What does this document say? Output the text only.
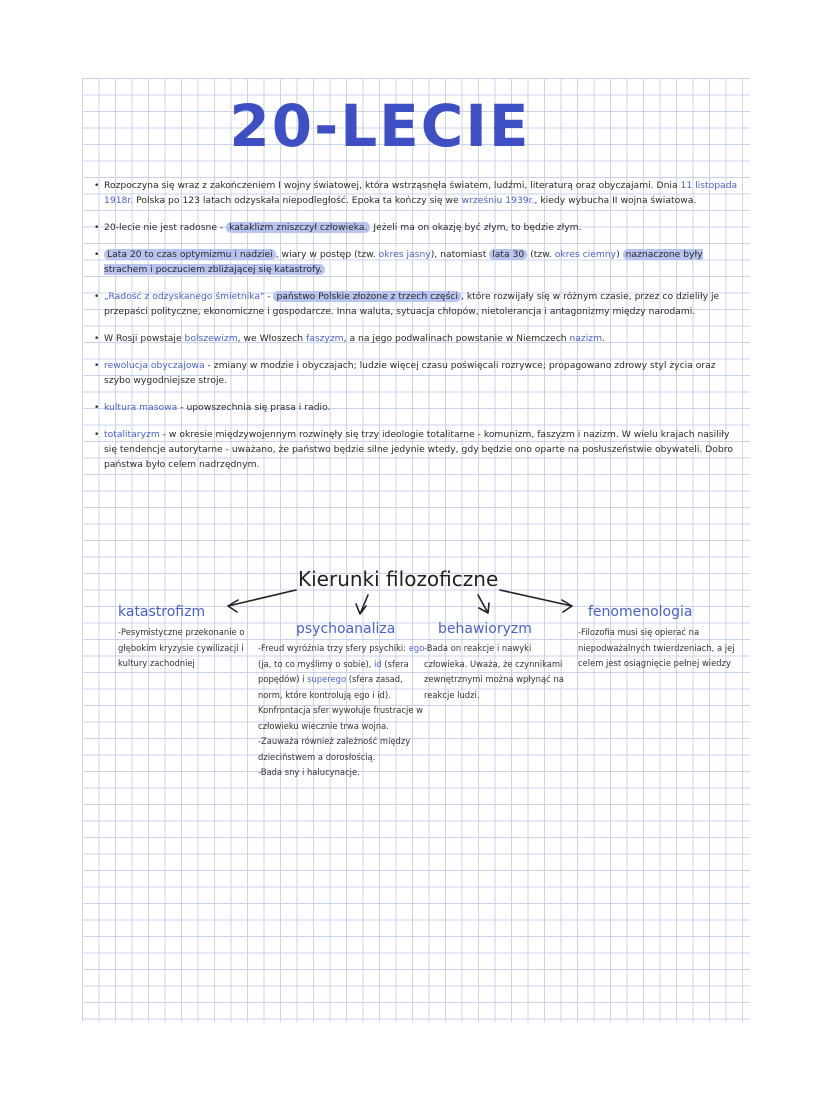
20-LECIE
• Rozpoczyna się wraz z zakończeniem I wojny światowej, która wstrząsnęła światem, ludźmi, literaturą oraz obyczajami. Dnia 11 listopada 1918r. Polska po 123 latach odzyskała niepodległość. Epoka ta kończy się we wrześniu 1939r., kiedy wybucha II wojna światowa.
• 20-lecie nie jest radosne - kataklizm zniszczył człowieka. Jeżeli ma on okazję być złym, to będzie złym.
• Lata 20 to czas optymizmu i nadziei , wiary w postęp (tzw. okres jasny), natomiast lata 30 (tzw. okres ciemny) naznaczone były strachem i poczuciem zbliżającej się katastrofy.
• „Radość z odzyskanego śmietnika" - państwo Polskie złożone z trzech części , które rozwijały się w różnym czasie, przez co dzieliły je przepaści polityczne, ekonomiczne i gospodarcze. Inna waluta, sytuacja chłopów, nietolerancja i antagonizmy między narodami.
• W Rosji powstaje bolszewizm, we Włoszech faszyzm, a na jego podwalinach powstanie w Niemczech nazizm.
• rewolucja obyczajowa - zmiany w modzie i obyczajach; ludzie więcej czasu poświęcali rozrywce; propagowano zdrowy styl życia oraz szybo wygodniejsze stroje.
• kultura masowa - upowszechnia się prasa i radio.
• totalitaryzm - w okresie międzywojennym rozwinęły się trzy ideologie totalitarne - komunizm, faszyzm i nazizm. W wielu krajach nasiliły się tendencje autorytarne - uważano, że państwo będzie silne jedynie wtedy, gdy będzie ono oparte na posłuszeństwie obywateli. Dobro państwa było celem nadrzędnym.
Kierunki filozoficzne
katastrofizm
-Pesymistyczne przekonanie o głębokim kryzysie cywilizacji i kultury zachodniej
psychoanaliza
-Freud wyróżnia trzy sfery psychiki: ego (ja, to co myślimy o sobie), id (sfera popędów) i superego (sfera zasad, norm, które kontrolują ego i id). Konfrontacja sfer wywołuje frustracje w człowieku wiecznie trwa wojna.
-Zauważa również zależność między dzieciństwem a dorosłością.
-Bada sny i halucynacje.
behawioryzm
-Bada on reakcje i nawyki człowieka. Uważa, że czynnikami zewnętrznymi można wpłynąć na reakcje ludzi.
fenomenologia
-Filozofia musi się opierać na niepodważalnych twierdzeniach, a jej celem jest osiągnięcie pełnej wiedzy
